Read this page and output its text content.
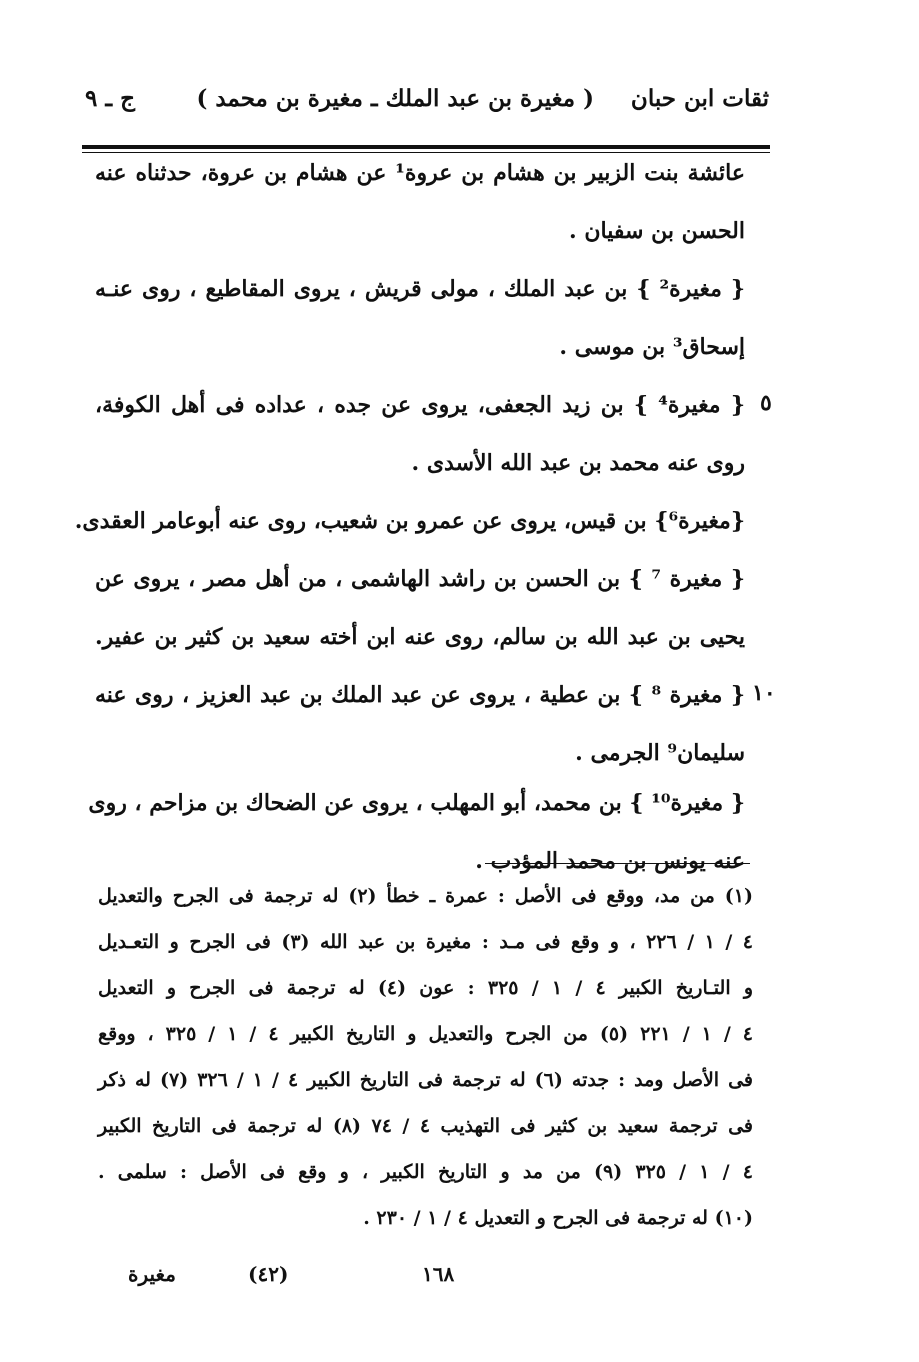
ثقات ابن حبان
( مغيرة بن عبد الملك ـ مغيرة بن محمد )
ج ـ ٩
عائشة بنت الزبير بن هشام بن عروة¹ عن هشام بن عروة، حدثناه عنه
الحسن بن سفيان .
{ مغيرة² } بن عبد الملك ، مولى قريش ، يروى المقاطيع ، روى عنـه
إسحاق³ بن موسى .
{ مغيرة⁴ } بن زيد الجعفى، يروى عن جده ، عداده فى أهل الكوفة،
روى عنه محمد بن عبد الله الأسدى .
{مغيرة⁶} بن قيس، يروى عن عمرو بن شعيب، روى عنه أبوعامر العقدى.
{ مغيرة ⁷ } بن الحسن بن راشد الهاشمى ، من أهل مصر ، يروى عن
يحيى بن عبد الله بن سالم، روى عنه ابن أخته سعيد بن كثير بن عفير.
{ مغيرة ⁸ } بن عطية ، يروى عن عبد الملك بن عبد العزيز ، روى عنه
سليمان⁹ الجرمى .
{ مغيرة¹⁰ } بن محمد، أبو المهلب ، يروى عن الضحاك بن مزاحم ، روى
عنه يونس بن محمد المؤدب .
٥
١٠
(١) من مد، ووقع فى الأصل : عمرة ـ خطأ (٢) له ترجمة فى الجرح والتعديل
٤ / ١ / ٢٢٦ ، و وقع فى مـد : مغيرة بن عبد الله (٣) فى الجرح و التعـديل
و التـاريخ الكبير ٤ / ١ / ٣٢٥ : عون (٤) له ترجمة فى الجرح و التعديل
٤ / ١ / ٢٢١ (٥) من الجرح والتعديل و التاريخ الكبير ٤ / ١ / ٣٢٥ ، ووقع
فى الأصل ومد : جدته (٦) له ترجمة فى التاريخ الكبير ٤ / ١ / ٣٢٦ (٧) له ذكر
فى ترجمة سعيد بن كثير فى التهذيب ٤ / ٧٤ (٨) له ترجمة فى التاريخ الكبير
٤ / ١ / ٣٢٥ (٩) من مد و التاريخ الكبير ، و وقع فى الأصل : سلمى .
(١٠) له ترجمة فى الجرح و التعديل ٤ / ١ / ٢٣٠ .
مغيرة	(٤٢)	١٦٨
